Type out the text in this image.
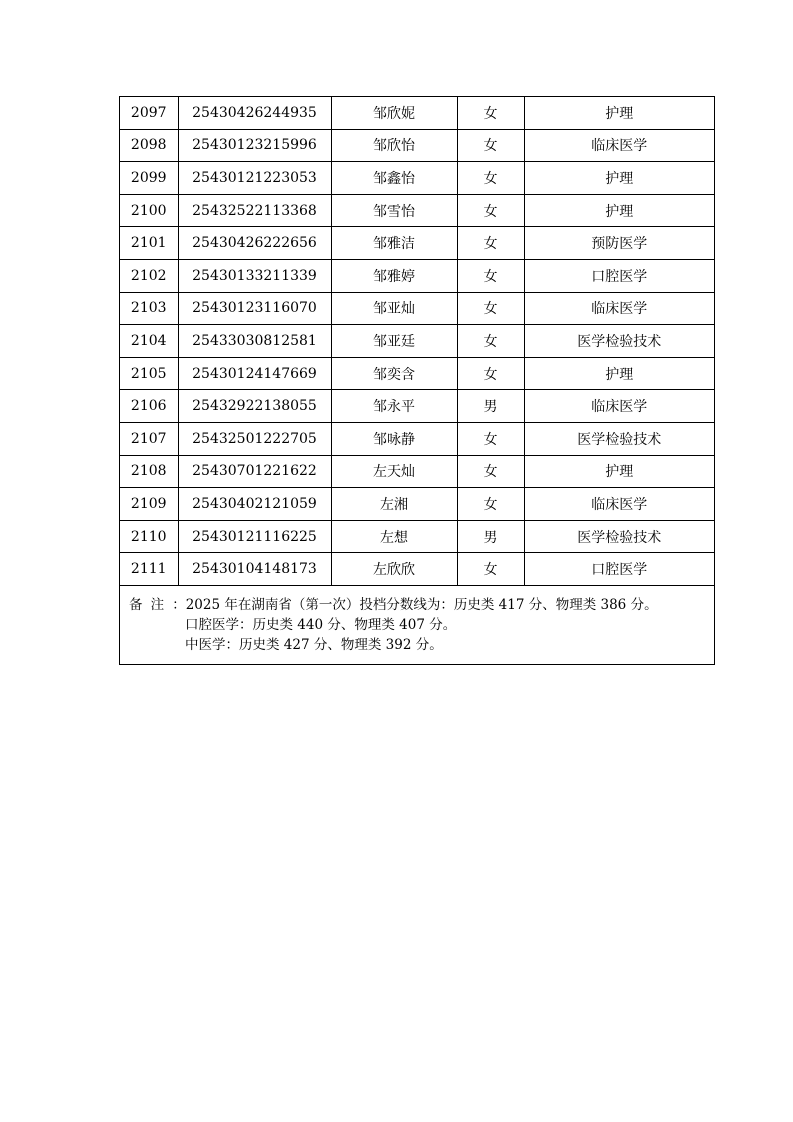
2097	25430426244935	邹欣妮	女	护理
2098	25430123215996	邹欣怡	女	临床医学
2099	25430121223053	邹鑫怡	女	护理
2100	25432522113368	邹雪怡	女	护理
2101	25430426222656	邹雅洁	女	预防医学
2102	25430133211339	邹雅婷	女	口腔医学
2103	25430123116070	邹亚灿	女	临床医学
2104	25433030812581	邹亚廷	女	医学检验技术
2105	25430124147669	邹奕含	女	护理
2106	25432922138055	邹永平	男	临床医学
2107	25432501222705	邹咏静	女	医学检验技术
2108	25430701221622	左天灿	女	护理
2109	25430402121059	左湘	女	临床医学
2110	25430121116225	左想	男	医学检验技术
2111	25430104148173	左欣欣	女	口腔医学
备注：2025 年在湖南省（第一次）投档分数线为：历史类 417 分、物理类 386 分。
口腔医学：历史类 440 分、物理类 407 分。
中医学：历史类 427 分、物理类 392 分。
